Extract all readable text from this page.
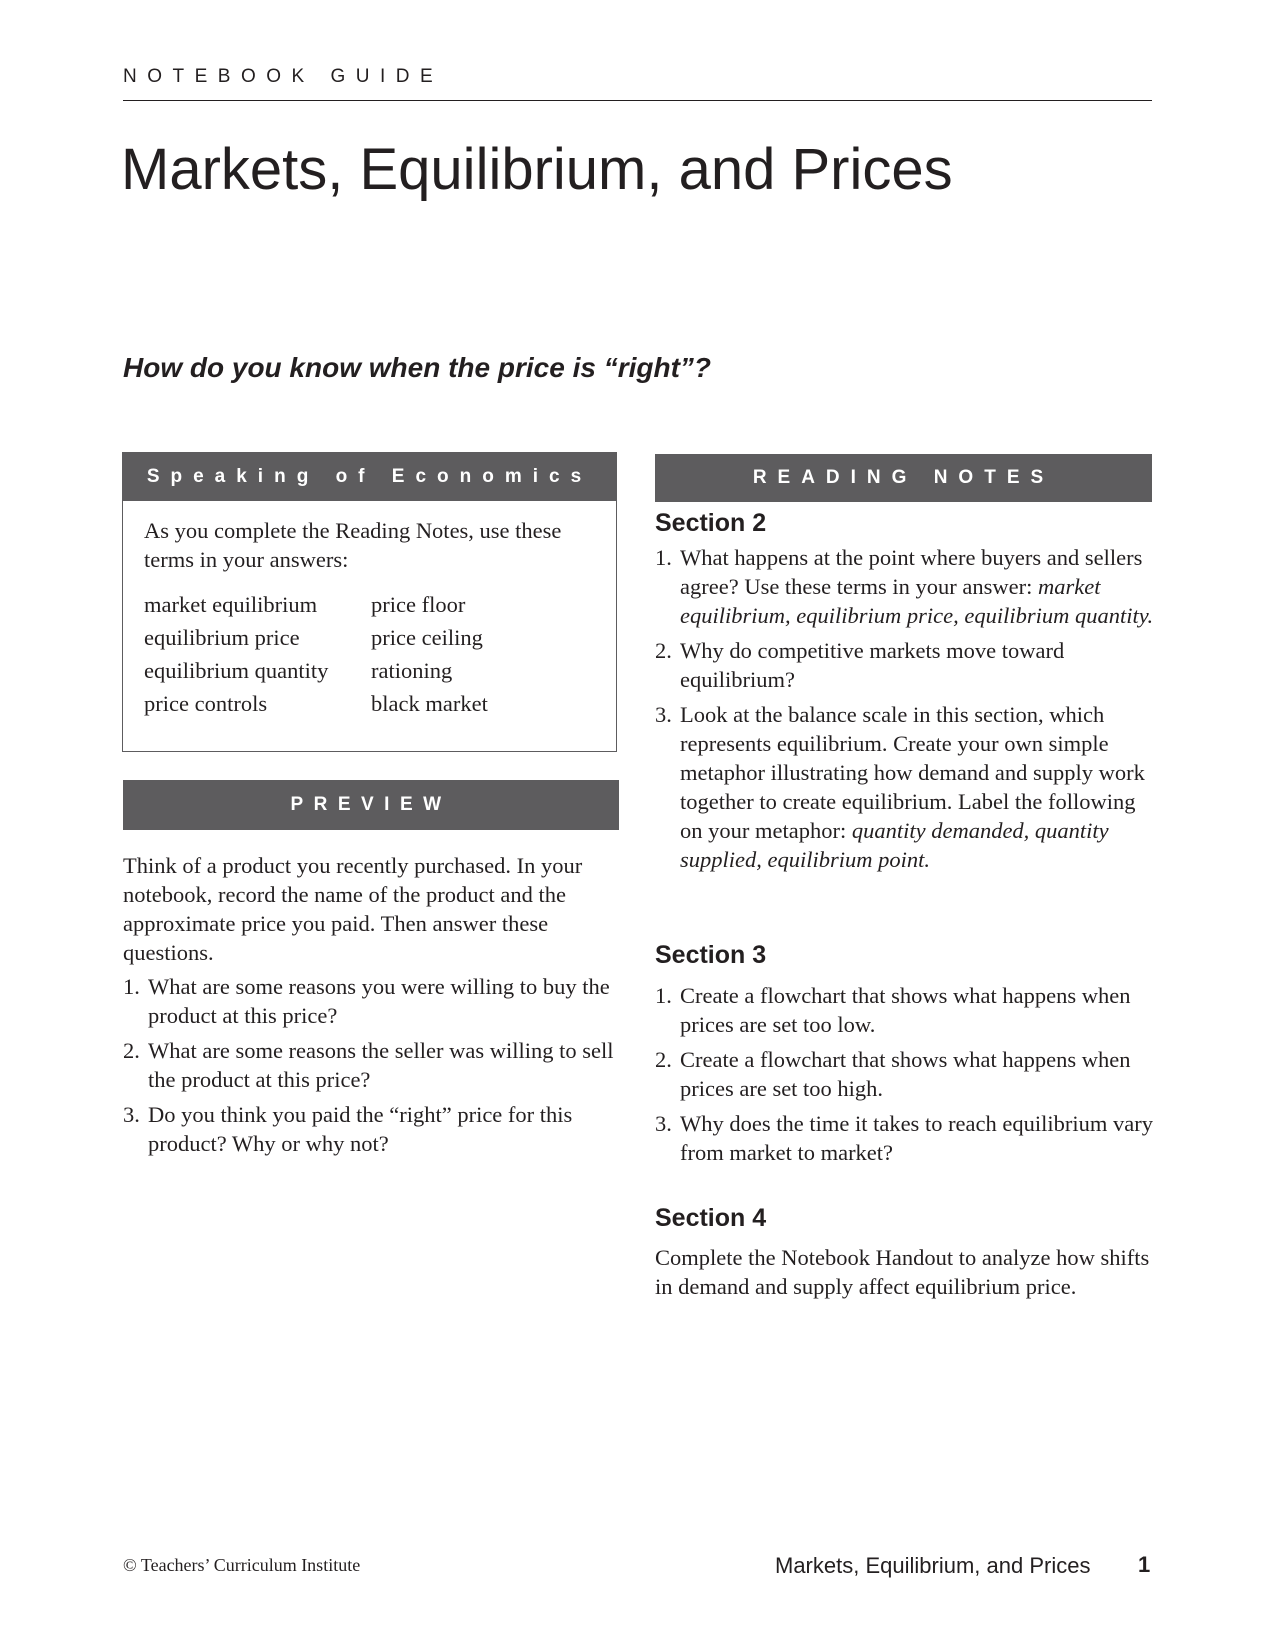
NOTEBOOK GUIDE
Markets, Equilibrium, and Prices
How do you know when the price is “right”?
Speaking of Economics

As you complete the Reading Notes, use these terms in your answers:

market equilibrium	price floor
equilibrium price	price ceiling
equilibrium quantity	rationing
price controls	black market
PREVIEW

Think of a product you recently purchased. In your notebook, record the name of the product and the approximate price you paid. Then answer these questions.

1. What are some reasons you were willing to buy the product at this price?
2. What are some reasons the seller was willing to sell the product at this price?
3. Do you think you paid the “right” price for this product? Why or why not?
READING NOTES
Section 2
1. What happens at the point where buyers and sellers agree? Use these terms in your answer: market equilibrium, equilibrium price, equilibrium quantity.
2. Why do competitive markets move toward equilibrium?
3. Look at the balance scale in this section, which represents equilibrium. Create your own simple metaphor illustrating how demand and supply work together to create equilibrium. Label the following on your metaphor: quantity demanded, quantity supplied, equilibrium point.
Section 3
1. Create a flowchart that shows what happens when prices are set too low.
2. Create a flowchart that shows what happens when prices are set too high.
3. Why does the time it takes to reach equilibrium vary from market to market?
Section 4

Complete the Notebook Handout to analyze how shifts in demand and supply affect equilibrium price.

© Teachers’ Curriculum Institute	Markets, Equilibrium, and Prices 1
